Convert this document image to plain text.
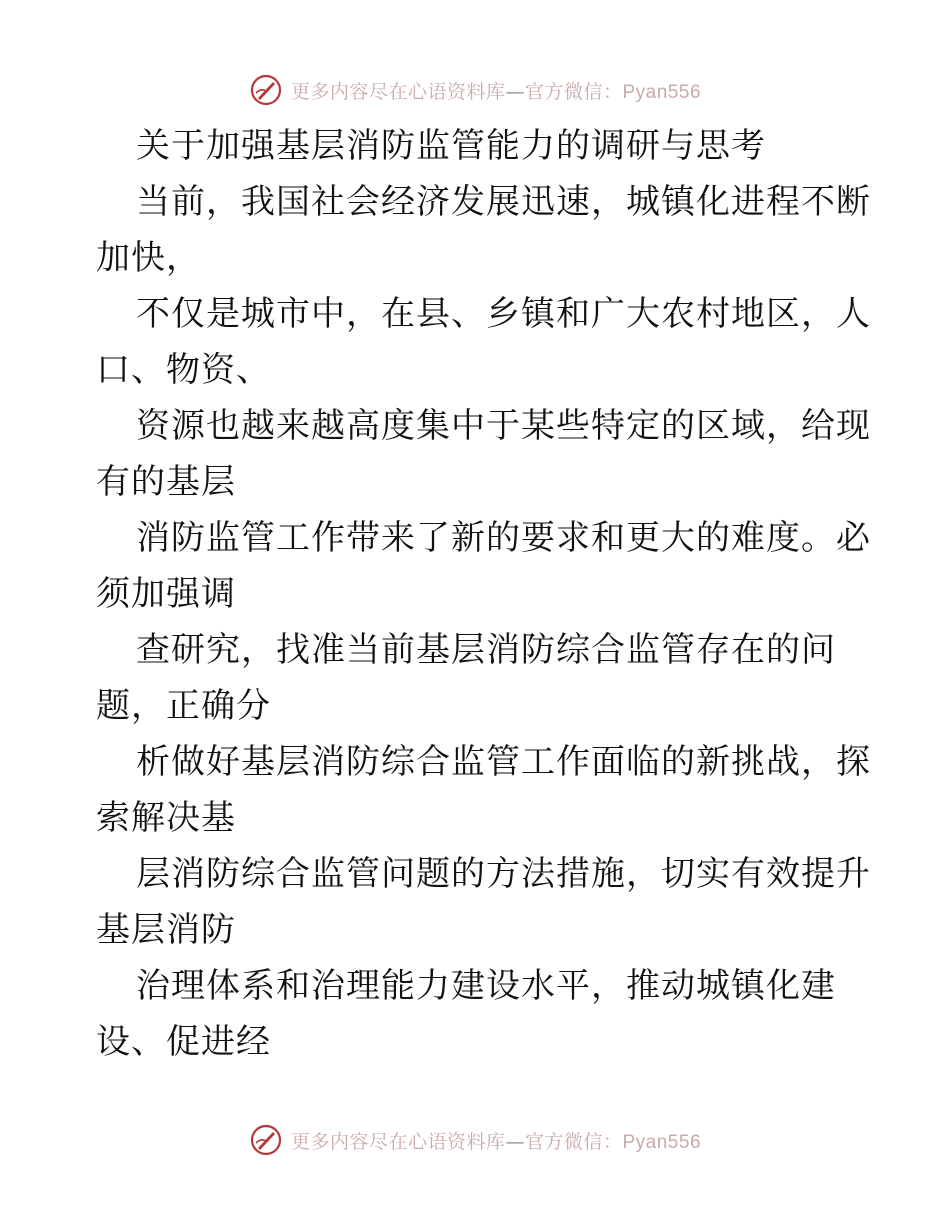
更多内容尽在心语资料库—官方微信：Pyan556
关于加强基层消防监管能力的调研与思考

当前，我国社会经济发展迅速，城镇化进程不断
加快，

不仅是城市中，在县、乡镇和广大农村地区，人
口、物资、

资源也越来越高度集中于某些特定的区域，给现
有的基层

消防监管工作带来了新的要求和更大的难度。必
须加强调

查研究，找准当前基层消防综合监管存在的问
题，正确分

析做好基层消防综合监管工作面临的新挑战，探
索解决基

层消防综合监管问题的方法措施，切实有效提升
基层消防

治理体系和治理能力建设水平，推动城镇化建
设、促进经

更多内容尽在心语资料库—官方微信：Pyan556
